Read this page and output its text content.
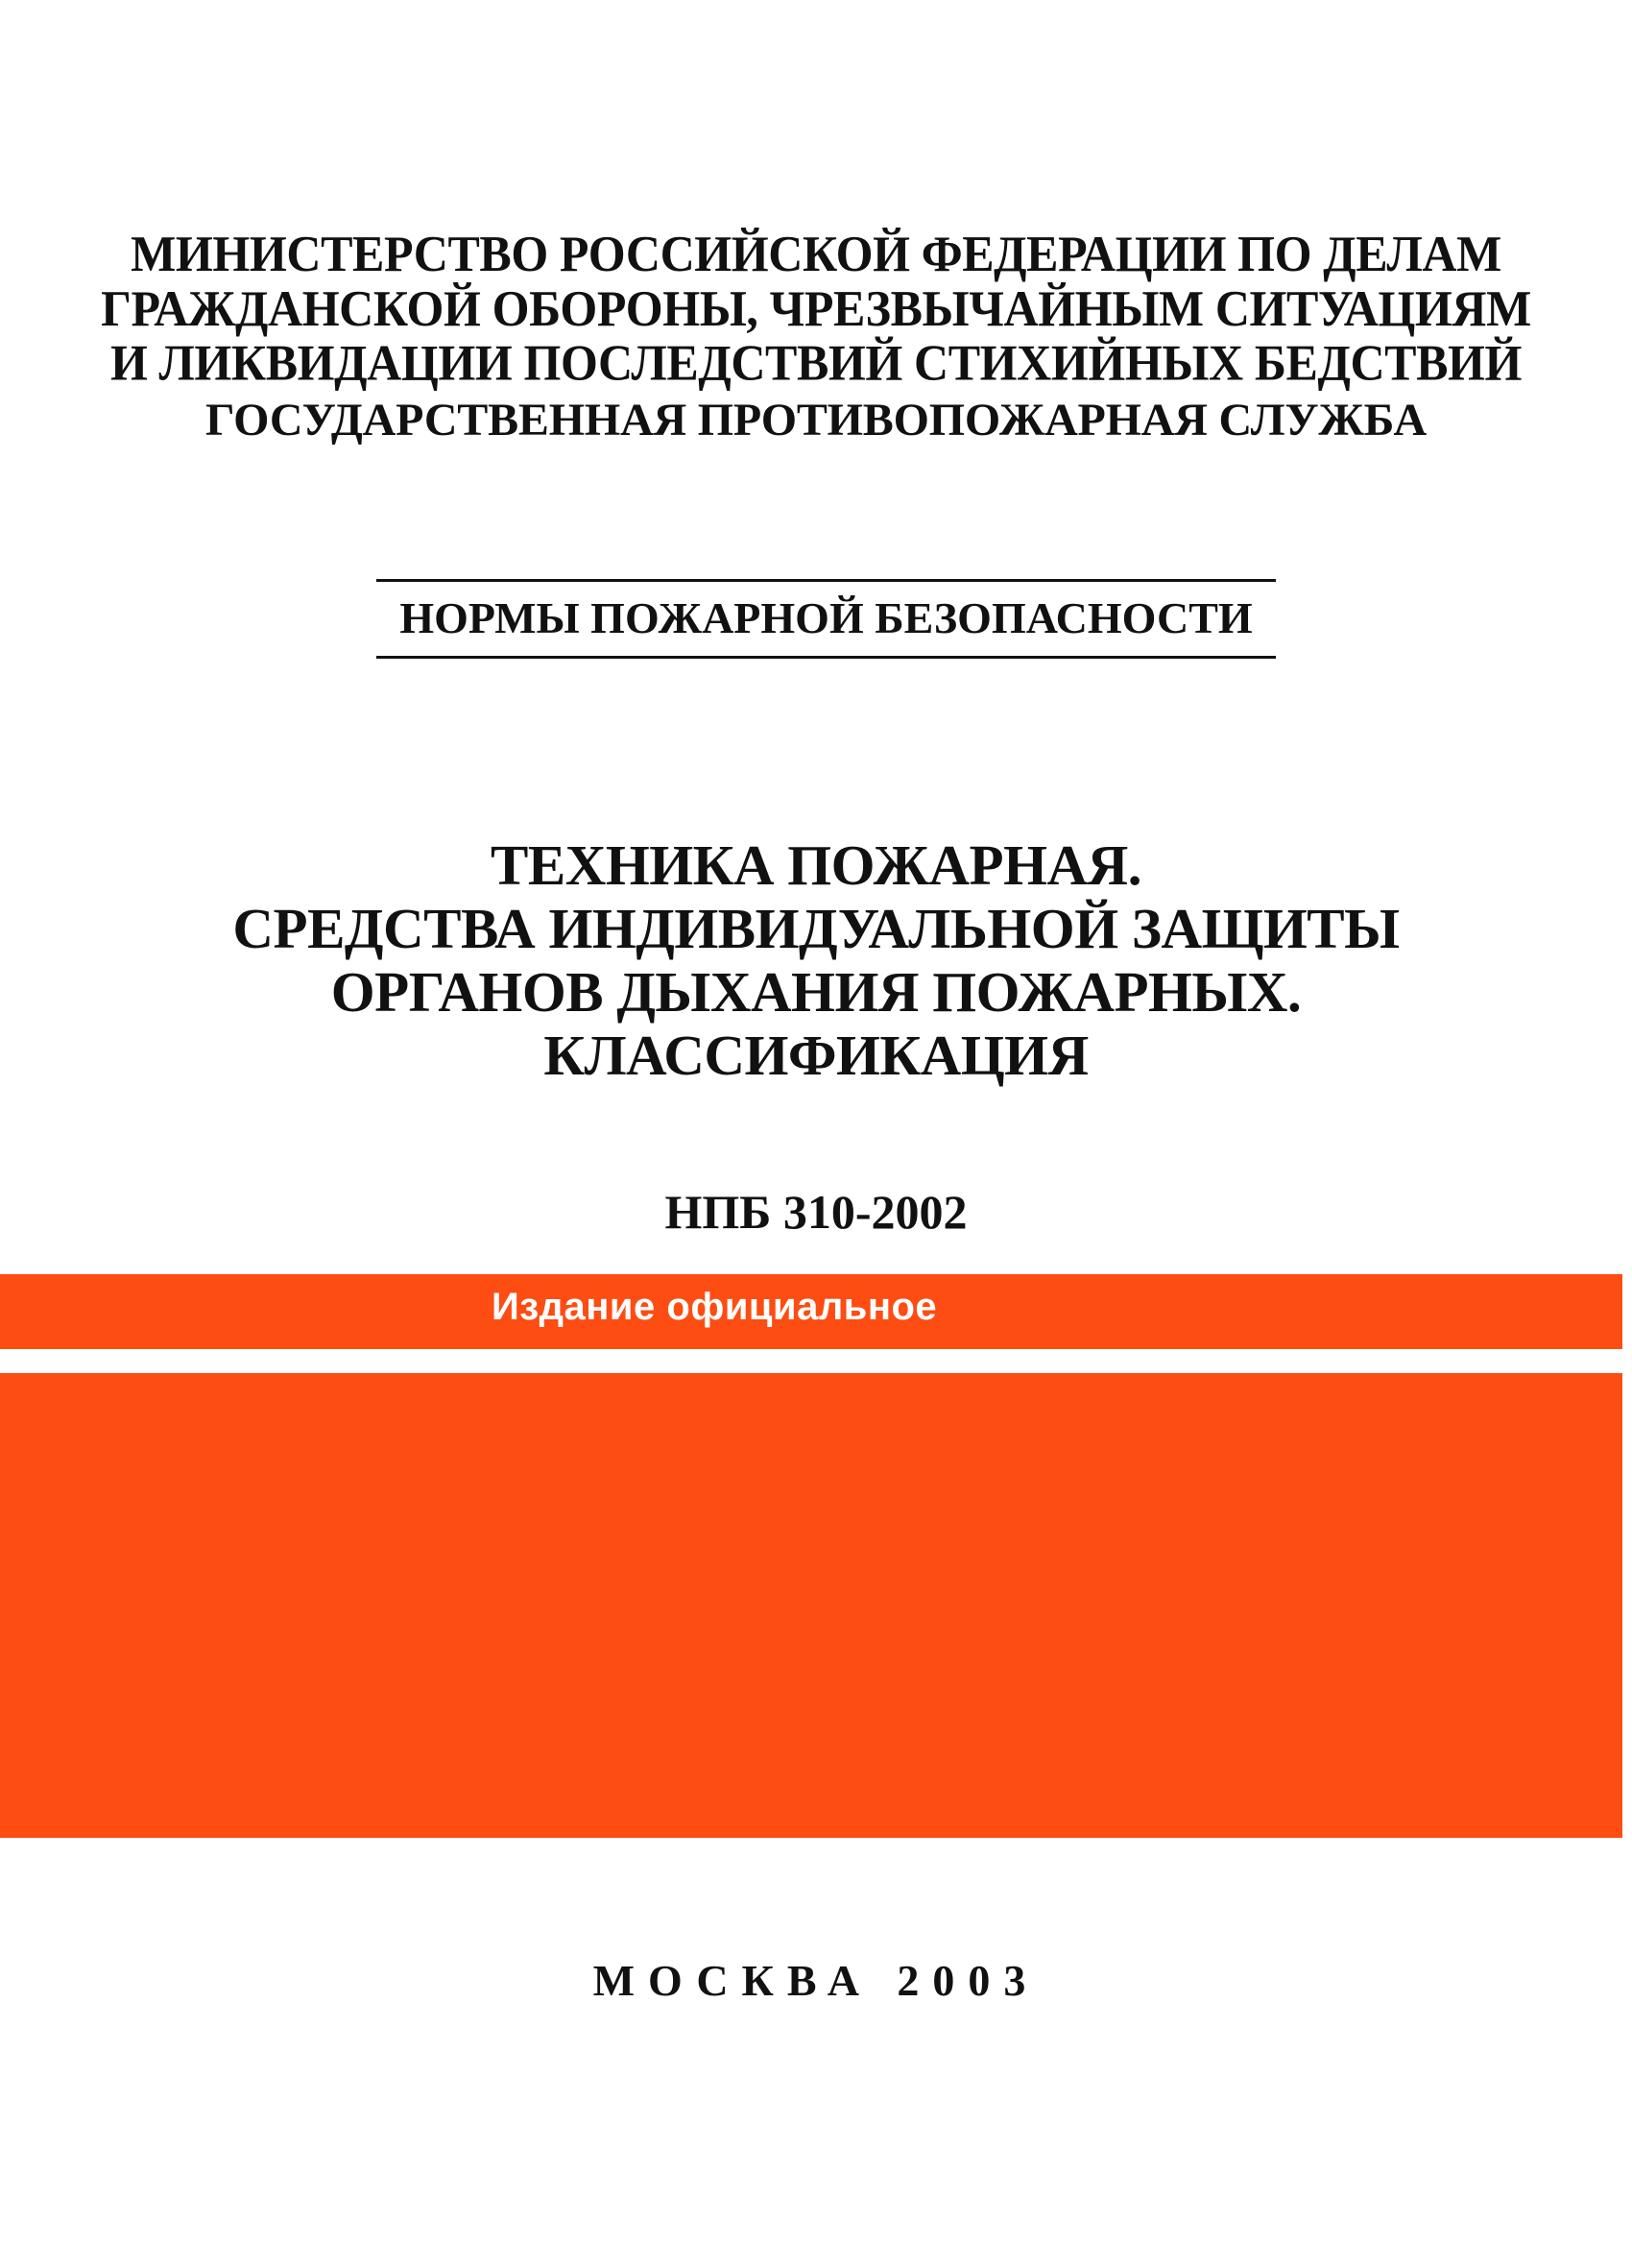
МИНИСТЕРСТВО РОССИЙСКОЙ ФЕДЕРАЦИИ ПО ДЕЛАМ
ГРАЖДАНСКОЙ ОБОРОНЫ, ЧРЕЗВЫЧАЙНЫМ СИТУАЦИЯМ
И ЛИКВИДАЦИИ ПОСЛЕДСТВИЙ СТИХИЙНЫХ БЕДСТВИЙ
ГОСУДАРСТВЕННАЯ ПРОТИВОПОЖАРНАЯ СЛУЖБА
НОРМЫ ПОЖАРНОЙ БЕЗОПАСНОСТИ
ТЕХНИКА ПОЖАРНАЯ.
СРЕДСТВА ИНДИВИДУАЛЬНОЙ ЗАЩИТЫ
ОРГАНОВ ДЫХАНИЯ ПОЖАРНЫХ.
КЛАССИФИКАЦИЯ
НПБ 310-2002
Издание официальное
МОСКВА 2003
